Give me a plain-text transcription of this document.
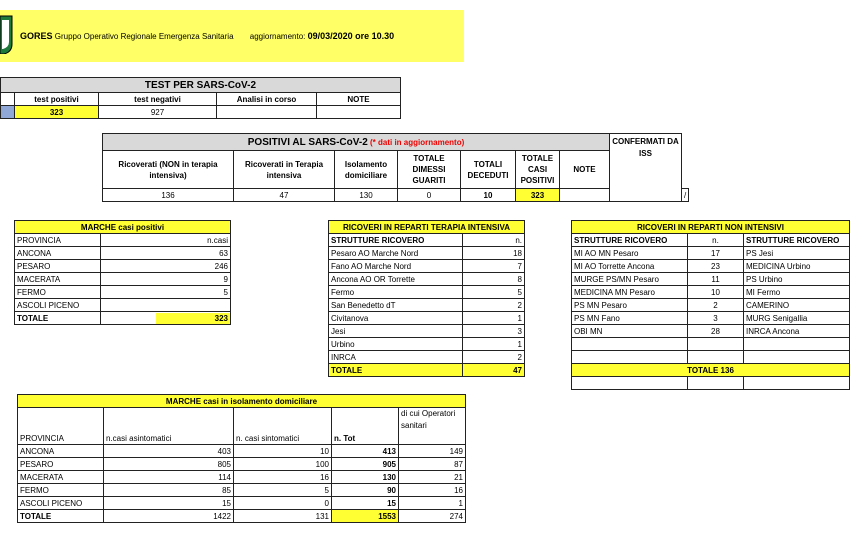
GORES Gruppo Operativo Regionale Emergenza Sanitaria aggiornamento: 09/03/2020 ore 10.30
TEST PER SARS-CoV-2				
	test positivi	test negativi	Analisi in corso	NOTE
	323	927		
POSITIVI AL SARS-CoV-2 (* dati in aggiornamento)							CONFERMATI DA ISS	
Ricoverati (NON in terapia intensiva)	Ricoverati in Terapia intensiva	Isolamento domiciliare	TOTALE DIMESSI GUARITI	TOTALI DECEDUTI	TOTALE CASI POSITIVI	NOTE		
136	47	130	0	10	323			/
MARCHE casi positivi	
PROVINCIA	n.casi
ANCONA	63
PESARO	246
MACERATA	9
FERMO	5
ASCOLI PICENO	
TOTALE	323
RICOVERI IN REPARTI TERAPIA INTENSIVA	
STRUTTURE RICOVERO	n.
Pesaro AO Marche Nord	18
Fano AO Marche Nord	7
Ancona AO OR Torrette	8
Fermo	5
San Benedetto dT	2
Civitanova	1
Jesi	3
Urbino	1
INRCA	2
TOTALE	47
RICOVERI IN REPARTI NON INTENSIVI		
STRUTTURE RICOVERO	n.	STRUTTURE RICOVERO
MI AO MN Pesaro	17	PS Jesi
MI AO Torrette Ancona	23	MEDICINA Urbino
MURGE PS/MN Pesaro	11	PS Urbino
MEDICINA MN Pesaro	10	MI Fermo
PS MN Pesaro	2	CAMERINO
PS MN Fano	3	MURG Senigallia
OBI MN	28	INRCA Ancona

TOTALE 136		

MARCHE casi in isolamento domiciliare				
PROVINCIA	n.casi asintomatici	n. casi sintomatici	n. Tot	di cui Operatori sanitari
ANCONA	403	10	413	149
PESARO	805	100	905	87
MACERATA	114	16	130	21
FERMO	85	5	90	16
ASCOLI PICENO	15	0	15	1
TOTALE	1422	131	1553	274
